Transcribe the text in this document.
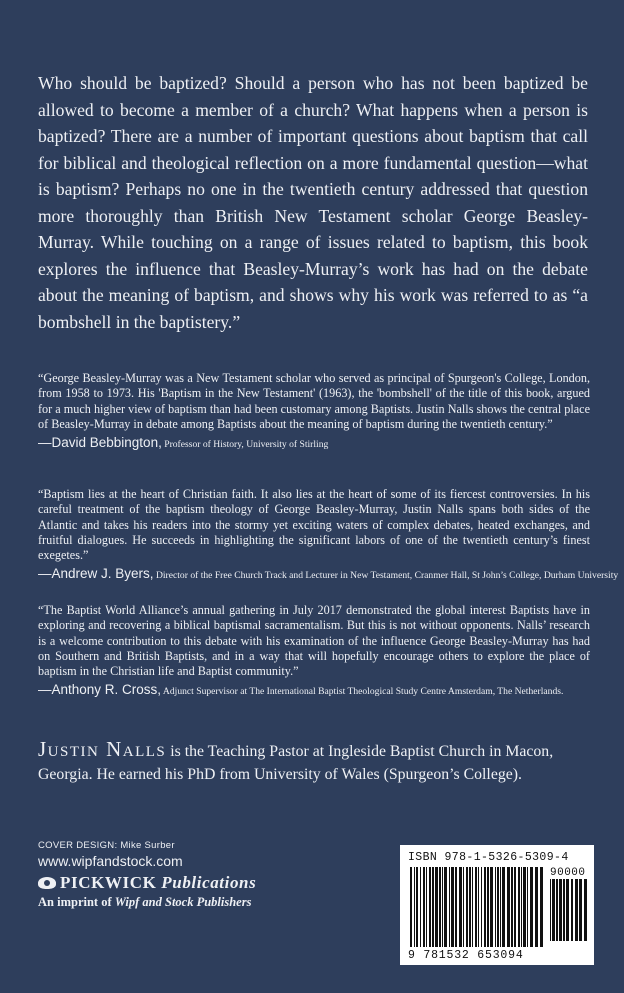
Who should be baptized? Should a person who has not been baptized be allowed to become a member of a church? What happens when a person is baptized? There are a number of important questions about baptism that call for biblical and theological reflection on a more fundamental question—what is baptism? Perhaps no one in the twentieth century addressed that question more thoroughly than British New Testament scholar George Beasley-Murray. While touching on a range of issues related to baptism, this book explores the influence that Beasley-Murray’s work has had on the debate about the meaning of baptism, and shows why his work was referred to as “a bombshell in the baptistery.”

“George Beasley-Murray was a New Testament scholar who served as principal of Spurgeon's College, London, from 1958 to 1973. His 'Baptism in the New Testament' (1963), the 'bombshell' of the title of this book, argued for a much higher view of baptism than had been customary among Baptists. Justin Nalls shows the central place of Beasley-Murray in debate among Baptists about the meaning of baptism during the twentieth century.”

—David Bebbington, Professor of History, University of Stirling

“Baptism lies at the heart of Christian faith. It also lies at the heart of some of its fiercest controversies. In his careful treatment of the baptism theology of George Beasley-Murray, Justin Nalls spans both sides of the Atlantic and takes his readers into the stormy yet exciting waters of complex debates, heated exchanges, and fruitful dialogues. He succeeds in highlighting the significant labors of one of the twentieth century’s finest exegetes.”

—Andrew J. Byers, Director of the Free Church Track and Lecturer in New Testament, Cranmer Hall, St John’s College, Durham University

“The Baptist World Alliance’s annual gathering in July 2017 demonstrated the global interest Baptists have in exploring and recovering a biblical baptismal sacramentalism. But this is not without opponents. Nalls’ research is a welcome contribution to this debate with his examination of the influence George Beasley-Murray has had on Southern and British Baptists, and in a way that will hopefully encourage others to explore the place of baptism in the Christian life and Baptist community.”

—Anthony R. Cross, Adjunct Supervisor at The International Baptist Theological Study Centre Amsterdam, The Netherlands.

Justin Nalls is the Teaching Pastor at Ingleside Baptist Church in Macon, Georgia. He earned his PhD from University of Wales (Spurgeon’s College).

COVER DESIGN: Mike Surber
www.wipfandstock.com
PICKWICK Publications
An imprint of Wipf and Stock Publishers
ISBN 978-1-5326-5309-4
90000
9 781532 653094
